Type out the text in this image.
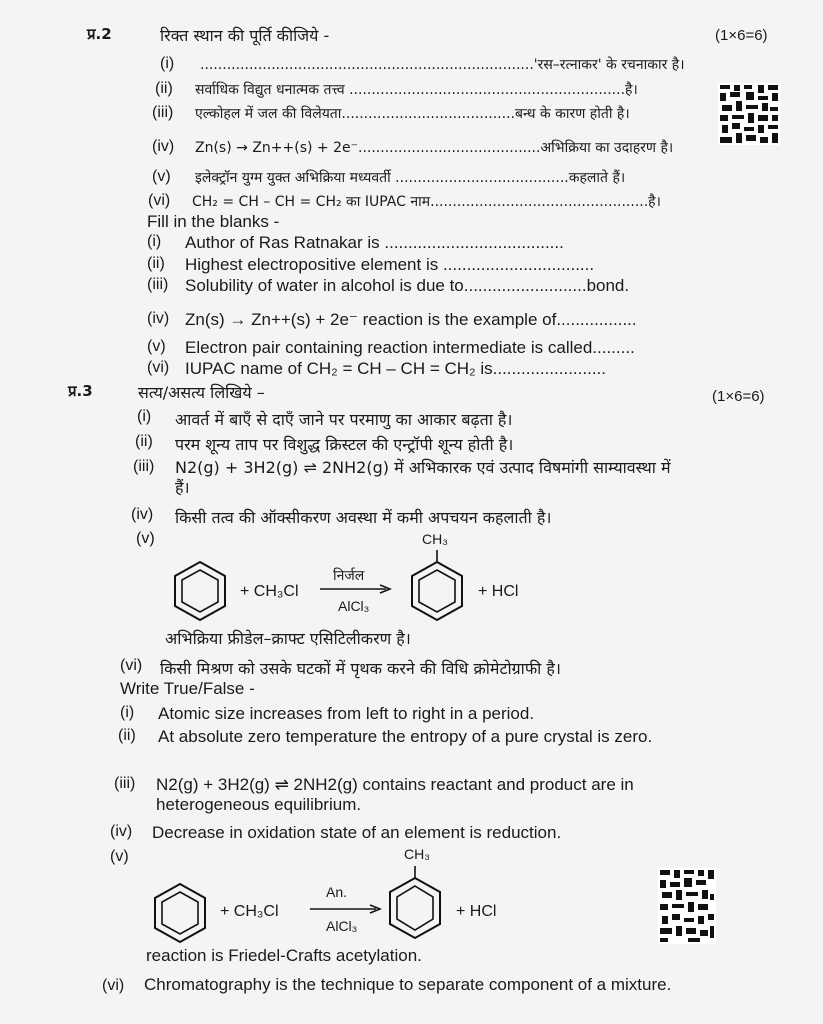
प्र.2	रिक्त स्थान की पूर्ति कीजिये -	(1×6=6)
(i) ...........................................................................'रस–रत्नाकर' के रचनाकार है।
(ii) सर्वाधिक विद्युत धनात्मक तत्त्व ..............................................................है।
(iii) एल्कोहल में जल की विलेयता.......................................बन्ध के कारण होती है।
(iv) Zn(s) → Zn++(s) + 2e⁻.........................................अभिक्रिया का उदाहरण है।
(v) इलेक्ट्रॉन युग्म युक्त अभिक्रिया मध्यवर्ती .......................................कहलाते हैं।
(vi) CH₂ = CH – CH = CH₂ का IUPAC नाम.................................................है।
Fill in the blanks -
(i) Author of Ras Ratnakar is ......................................
(ii) Highest electropositive element is ................................
(iii) Solubility of water in alcohol is due to..........................bond.
(iv) Zn(s) → Zn++(s) + 2e⁻ reaction is the example of.................
(v) Electron pair containing reaction intermediate is called.........
(vi) IUPAC name of CH₂ = CH – CH = CH₂ is........................
प्र.3	सत्य/असत्य लिखिये –	(1×6=6)
(i) आवर्त में बाएँ से दाएँ जाने पर परमाणु का आकार बढ़ता है।
(ii) परम शून्य ताप पर विशुद्ध क्रिस्टल की एन्ट्रॉपी शून्य होती है।
(iii) N2(g) + 3H2(g) ⇌ 2NH2(g) में अभिकारक एवं उत्पाद विषमांगी साम्यावस्था में हैं।
(iv) किसी तत्व की ऑक्सीकरण अवस्था में कमी अपचयन कहलाती है।
(v)
+ CH₃Cl
निर्जल
AlCl₃
CH₃
+ HCl
अभिक्रिया फ्रीडेल–क्राफ्ट एसिटिलीकरण है।
(vi) किसी मिश्रण को उसके घटकों में पृथक करने की विधि क्रोमेटोग्राफी है।
Write True/False -
(i) Atomic size increases from left to right in a period.
(ii) At absolute zero temperature the entropy of a pure crystal is zero.
(iii) N2(g) + 3H2(g) ⇌ 2NH2(g) contains reactant and product are in heterogeneous equilibrium.
(iv) Decrease in oxidation state of an element is reduction.
(v)
+ CH₃Cl
An.
AlCl₃
CH₃
+ HCl
reaction is Friedel-Crafts acetylation.
(vi) Chromatography is the technique to separate component of a mixture.
